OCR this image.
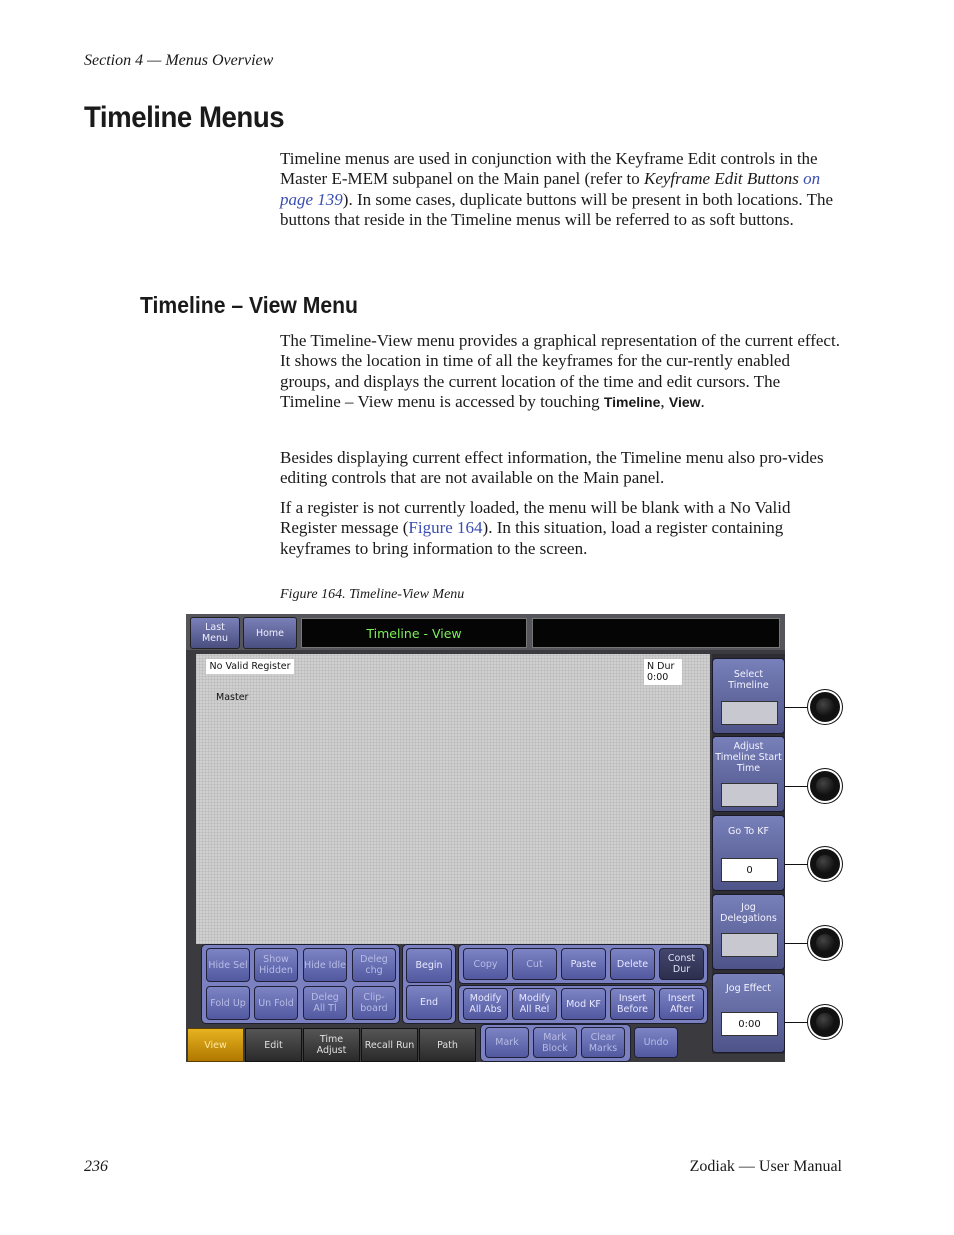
Section 4 — Menus Overview
Timeline Menus

Timeline menus are used in conjunction with the Keyframe Edit controls in the Master E-MEM subpanel on the Main panel (refer to Keyframe Edit Buttons on page 139). In some cases, duplicate buttons will be present in both locations. The buttons that reside in the Timeline menus will be referred to as soft buttons.

Timeline – View Menu

The Timeline-View menu provides a graphical representation of the current effect. It shows the location in time of all the keyframes for the cur-rently enabled groups, and displays the current location of the time and edit cursors. The Timeline – View menu is accessed by touching Timeline, View.

Besides displaying current effect information, the Timeline menu also pro-vides editing controls that are not available on the Main panel.

If a register is not currently loaded, the menu will be blank with a No Valid Register message (Figure 164). In this situation, load a register containing keyframes to bring information to the screen.

Figure 164. Timeline-View Menu
Last Menu	Home	Timeline - View
No Valid Register	N Dur
0:00
Master
Select Timeline
Adjust Timeline Start Time
Go To KF
0
Jog Delegations
Jog Effect
0:00
Hide Sel	Show Hidden	Hide Idle	Deleg chg
Fold Up	Un Fold	Deleg All Tl
Clip-board
Begin
End
Copy	Cut	Paste	Delete	Const Dur
Modify All Abs
Modify All Rel	Mod KF	Insert Before
Insert After
View	Edit	Time Adjust	Recall Run	Path	Mark	Mark Block
Clear Marks	Undo
236	Zodiak — User Manual
